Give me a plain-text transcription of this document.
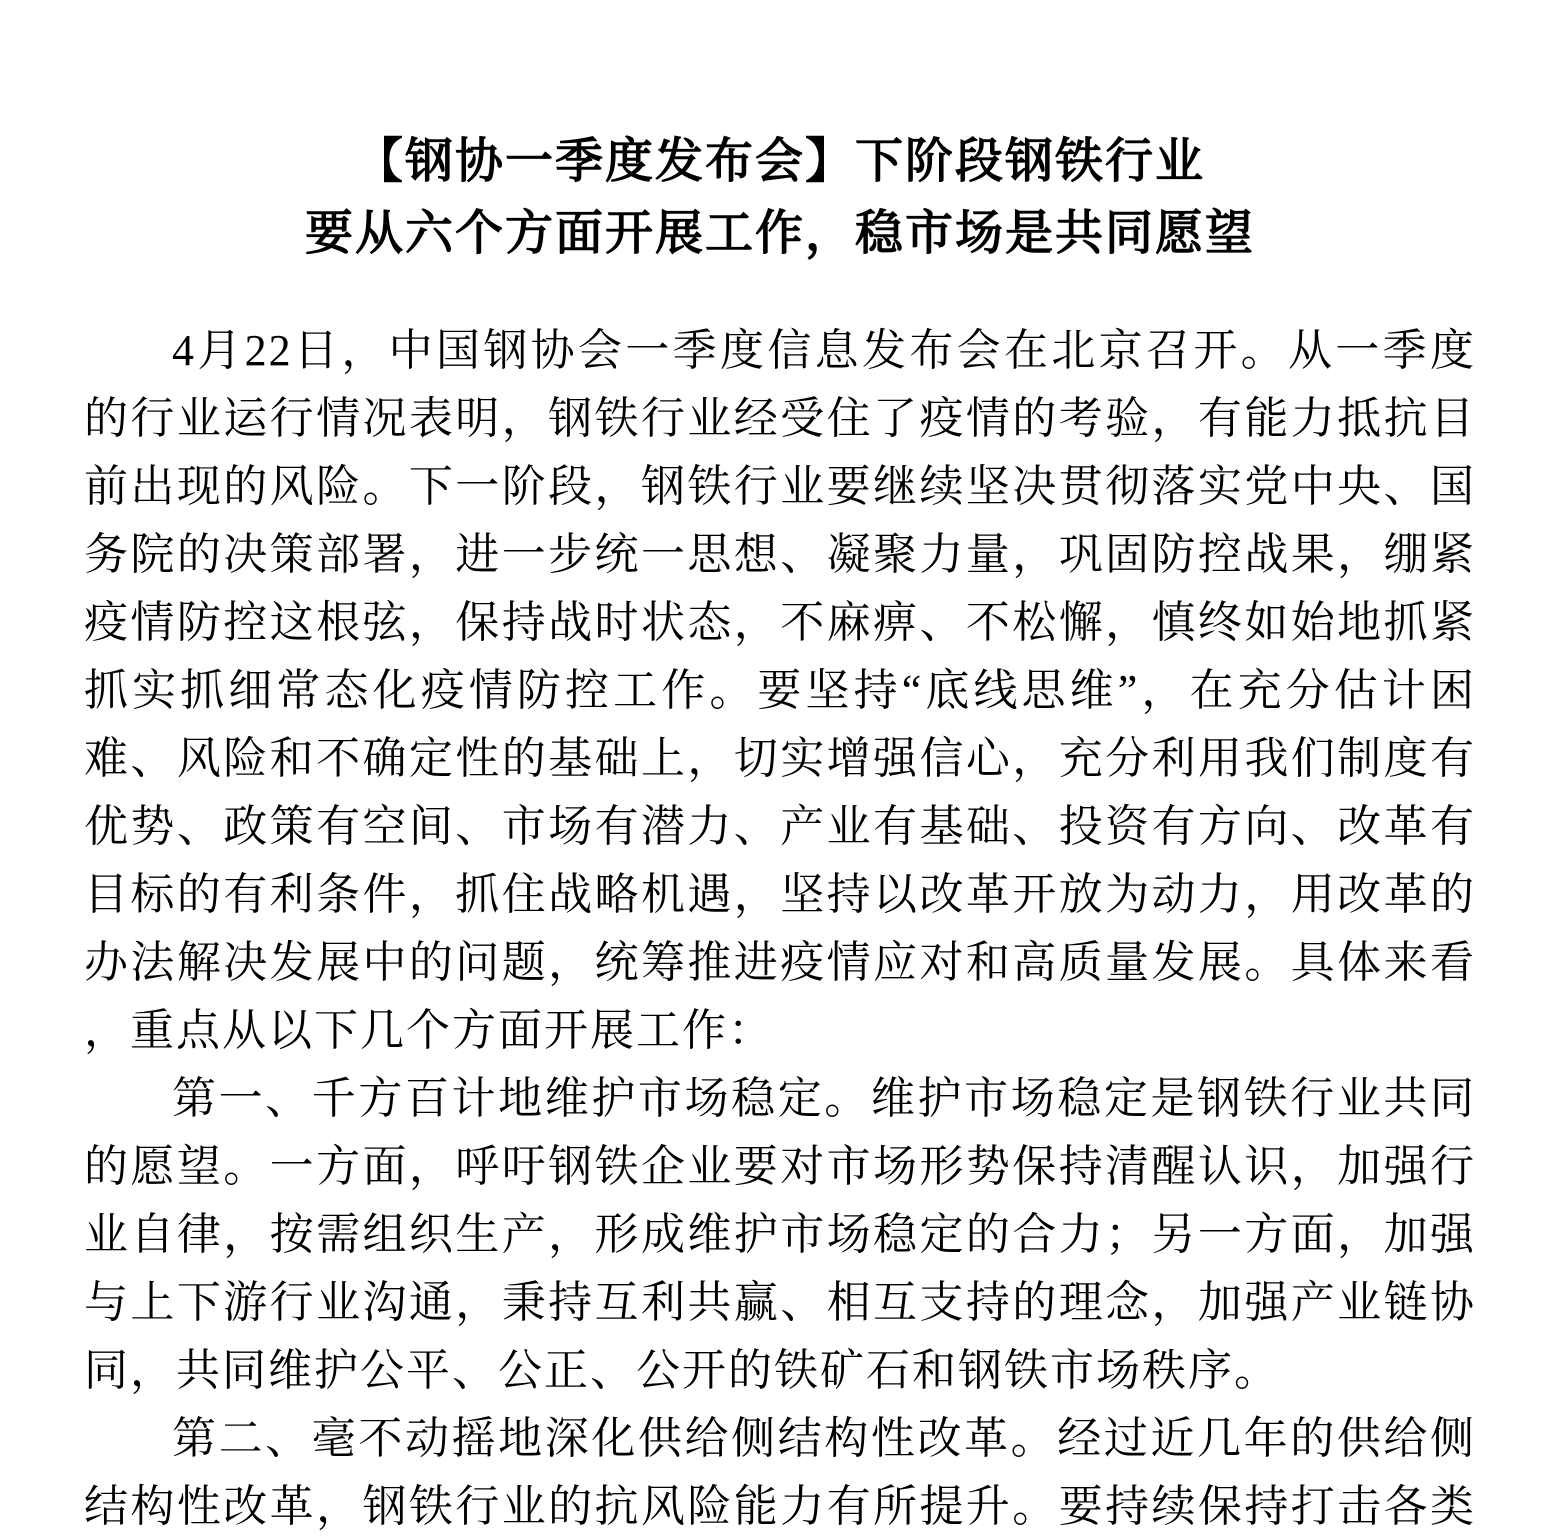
【钢协一季度发布会】下阶段钢铁行业
要从六个方面开展工作，稳市场是共同愿望
4月22日，中国钢协会一季度信息发布会在北京召开。从一季度
的行业运行情况表明，钢铁行业经受住了疫情的考验，有能力抵抗目
前出现的风险。下一阶段，钢铁行业要继续坚决贯彻落实党中央、国
务院的决策部署，进一步统一思想、凝聚力量，巩固防控战果，绷紧
疫情防控这根弦，保持战时状态，不麻痹、不松懈，慎终如始地抓紧
抓实抓细常态化疫情防控工作。要坚持“底线思维”，在充分估计困
难、风险和不确定性的基础上，切实增强信心，充分利用我们制度有
优势、政策有空间、市场有潜力、产业有基础、投资有方向、改革有
目标的有利条件，抓住战略机遇，坚持以改革开放为动力，用改革的
办法解决发展中的问题，统筹推进疫情应对和高质量发展。具体来看
，重点从以下几个方面开展工作：
第一、千方百计地维护市场稳定。维护市场稳定是钢铁行业共同
的愿望。一方面，呼吁钢铁企业要对市场形势保持清醒认识，加强行
业自律，按需组织生产，形成维护市场稳定的合力；另一方面，加强
与上下游行业沟通，秉持互利共赢、相互支持的理念，加强产业链协
同，共同维护公平、公正、公开的铁矿石和钢铁市场秩序。
第二、毫不动摇地深化供给侧结构性改革。经过近几年的供给侧
结构性改革，钢铁行业的抗风险能力有所提升。要持续保持打击各类
